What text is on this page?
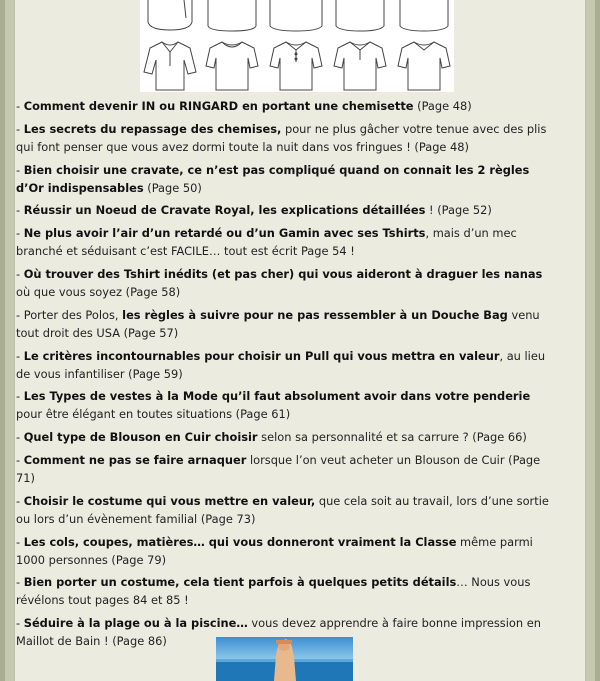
- Comment devenir IN ou RINGARD en portant une chemisette (Page 48)

- Les secrets du repassage des chemises, pour ne plus gâcher votre tenue avec des plis qui font penser que vous avez dormi toute la nuit dans vos fringues ! (Page 48)

- Bien choisir une cravate, ce n’est pas compliqué quand on connait les 2 règles d’Or indispensables (Page 50)

- Réussir un Noeud de Cravate Royal, les explications détaillées ! (Page 52)

- Ne plus avoir l’air d’un retardé ou d’un Gamin avec ses Tshirts, mais d’un mec branché et séduisant c’est FACILE… tout est écrit Page 54 !

- Où trouver des Tshirt inédits (et pas cher) qui vous aideront à draguer les nanas où que vous soyez (Page 58)

- Porter des Polos, les règles à suivre pour ne pas ressembler à un Douche Bag venu tout droit des USA (Page 57)

- Le critères incontournables pour choisir un Pull qui vous mettra en valeur, au lieu de vous infantiliser (Page 59)

- Les Types de vestes à la Mode qu’il faut absolument avoir dans votre penderie pour être élégant en toutes situations (Page 61)

- Quel type de Blouson en Cuir choisir selon sa personnalité et sa carrure ? (Page 66)

- Comment ne pas se faire arnaquer lorsque l’on veut acheter un Blouson de Cuir (Page 71)

- Choisir le costume qui vous mettre en valeur, que cela soit au travail, lors d’une sortie ou lors d’un évènement familial (Page 73)

- Les cols, coupes, matières… qui vous donneront vraiment la Classe même parmi 1000 personnes (Page 79)

- Bien porter un costume, cela tient parfois à quelques petits détails… Nous vous révélons tout pages 84 et 85 !

- Séduire à la plage ou à la piscine… vous devez apprendre à faire bonne impression en Maillot de Bain ! (Page 86)
